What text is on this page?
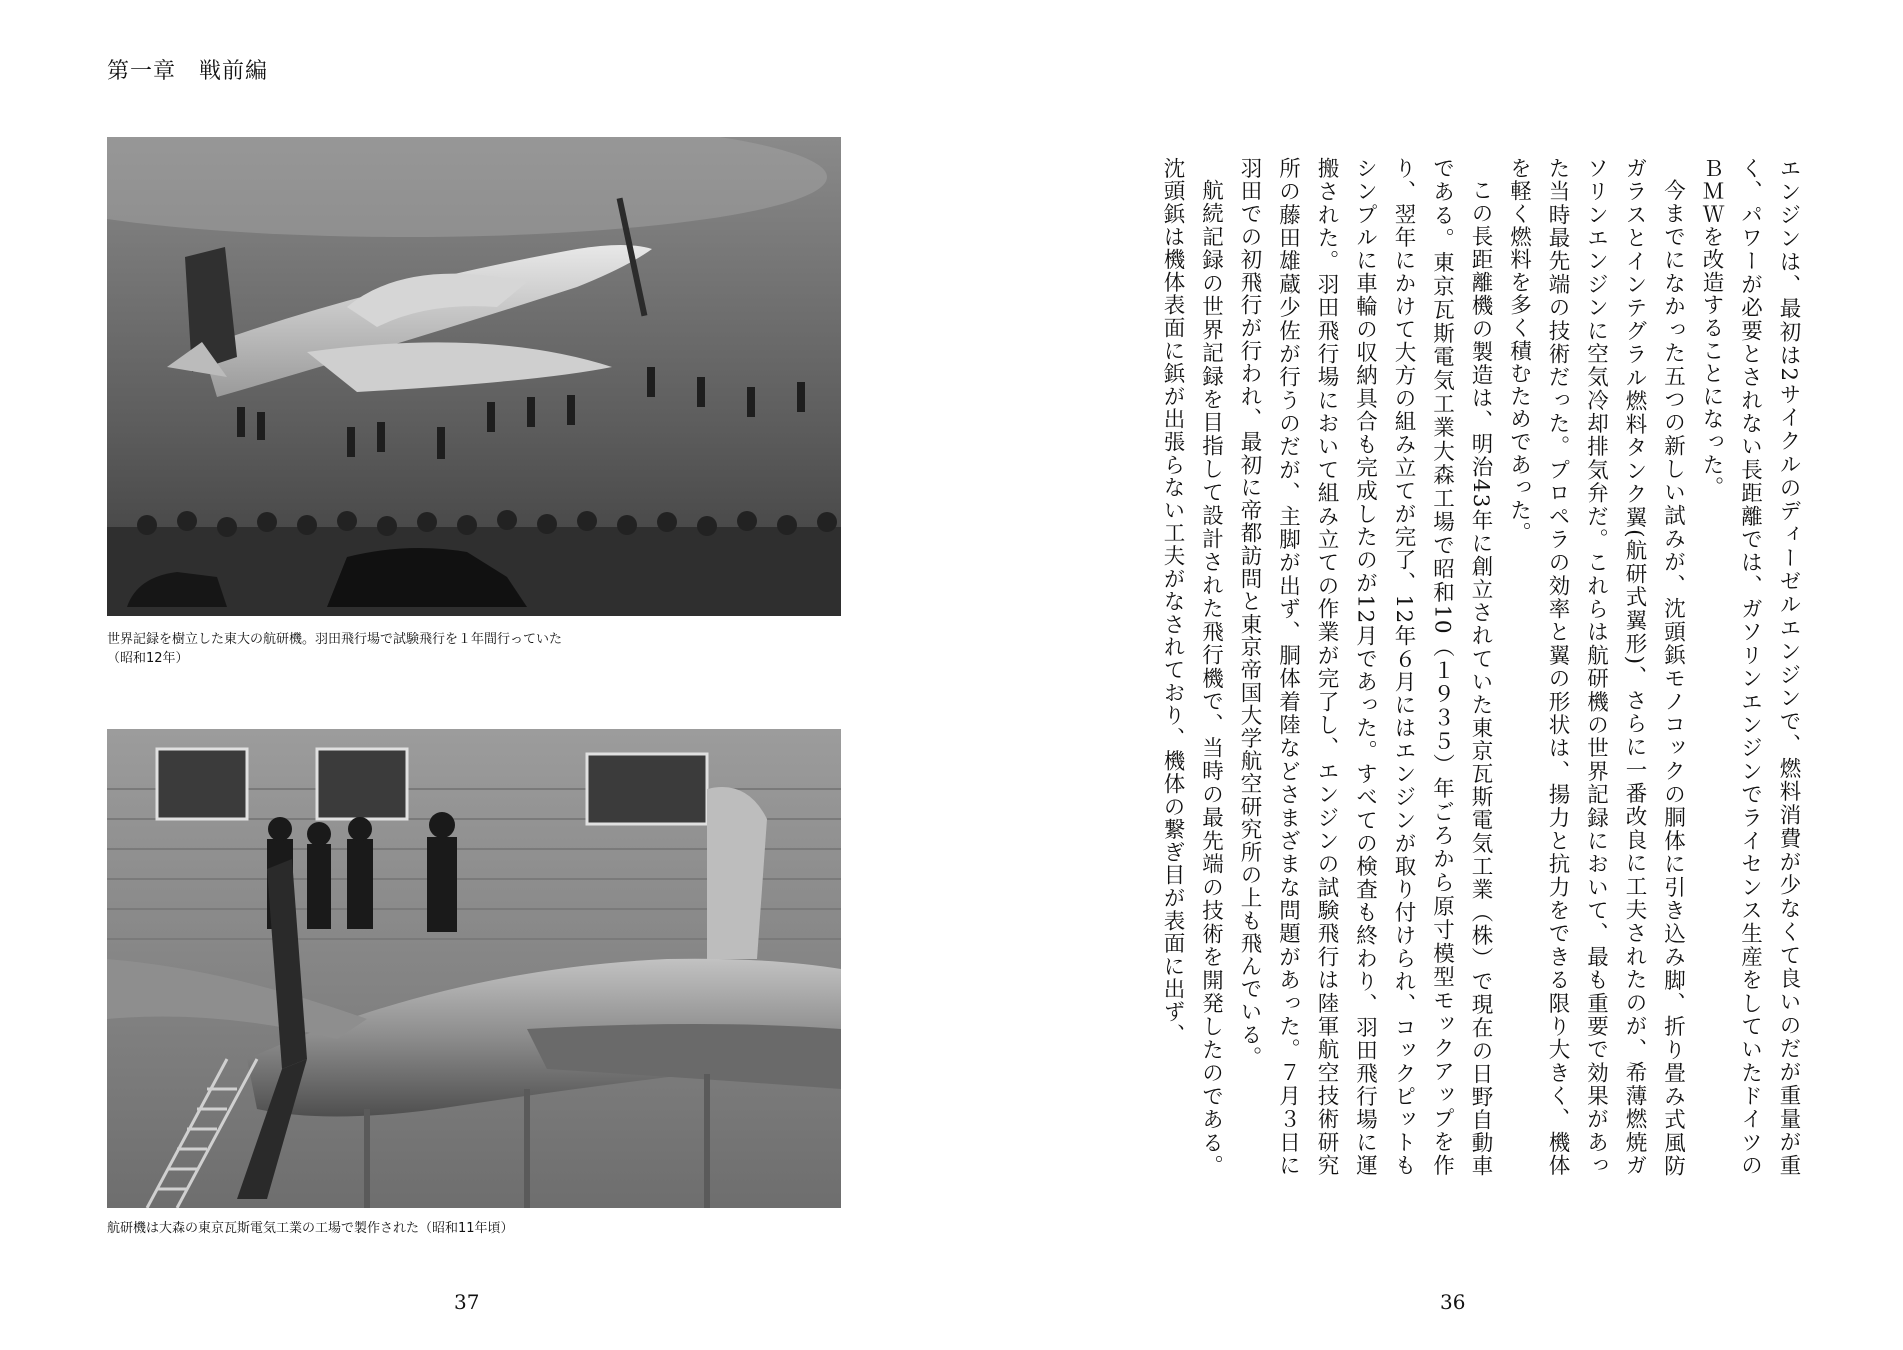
第一章　戦前編
世界記録を樹立した東大の航研機。羽田飛行場で試験飛行を１年間行っていた（昭和12年）
航研機は大森の東京瓦斯電気工業の工場で製作された（昭和11年頃）
37

エンジンは、最初は2サイクルのディーゼルエンジンで、燃料消費が少なくて良いのだが重量が重く、パワーが必要とされない長距離では、ガソリンエンジンでライセンス生産をしていたドイツのＢＭＷを改造することになった。

今までになかった五つの新しい試みが、沈頭鋲モノコックの胴体に引き込み脚、折り畳み式風防ガラスとインテグラル燃料タンク翼(航研式翼形)、さらに一番改良に工夫されたのが、希薄燃焼ガソリンエンジンに空気冷却排気弁だ。これらは航研機の世界記録において、最も重要で効果があった当時最先端の技術だった。プロペラの効率と翼の形状は、揚力と抗力をできる限り大きく、機体を軽く燃料を多く積むためであった。

この長距離機の製造は、明治43年に創立されていた東京瓦斯電気工業（株）で現在の日野自動車である。東京瓦斯電気工業大森工場で昭和10（１９３５）年ごろから原寸模型モックアップを作り、翌年にかけて大方の組み立てが完了、12年６月にはエンジンが取り付けられ、コックピットもシンプルに車輪の収納具合も完成したのが12月であった。すべての検査も終わり、羽田飛行場に運搬された。羽田飛行場において組み立ての作業が完了し、エンジンの試験飛行は陸軍航空技術研究所の藤田雄蔵少佐が行うのだが、主脚が出ず、胴体着陸などさまざまな問題があった。７月３日に羽田での初飛行が行われ、最初に帝都訪問と東京帝国大学航空研究所の上も飛んでいる。

航続記録の世界記録を目指して設計された飛行機で、当時の最先端の技術を開発したのである。沈頭鋲は機体表面に鋲が出張らない工夫がなされており、機体の繋ぎ目が表面に出ず、

36
